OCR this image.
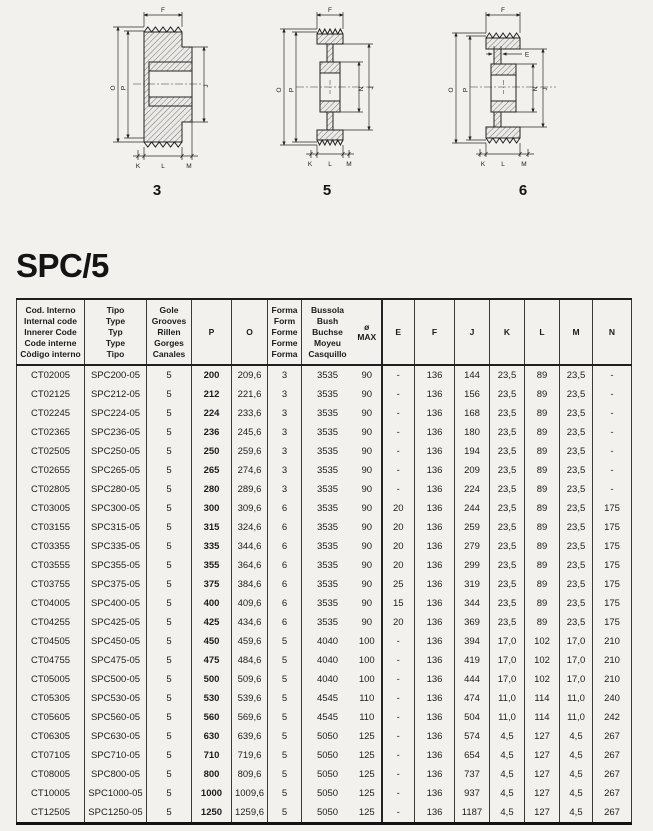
F
O P	J
K	L	M
F
O P	N J
K L M
F
E
O P	N J
K L	M
3	5	6
SPC/5
Cod. Interno
Internal code
Innerer Code
Code interne
Còdigo interno

Tipo
Type
Typ
Type
Tipo

Gole
Grooves
Rillen
Gorges
Canales
	P	O	
Forma
Form
Forme
Forme
Forma

Bussola
Bush
Buchse
Moyeu
Casquillo
ø
MAX
	E	F	J	K	L	M	N
CT02005	SPC200-05	5	200	209,6	3	3535 90	-	136	144	23,5	89	23,5	-
CT02125	SPC212-05	5	212	221,6	3	3535 90	-	136	156	23,5	89	23,5	-
CT02245	SPC224-05	5	224	233,6	3	3535 90	-	136	168	23,5	89	23,5	-
CT02365	SPC236-05	5	236	245,6	3	3535 90	-	136	180	23,5	89	23,5	-
CT02505	SPC250-05	5	250	259,6	3	3535 90	-	136	194	23,5	89	23,5	-
CT02655	SPC265-05	5	265	274,6	3	3535 90	-	136	209	23,5	89	23,5	-
CT02805	SPC280-05	5	280	289,6	3	3535 90	-	136	224	23,5	89	23,5	-
CT03005	SPC300-05	5	300	309,6	6	3535 90	20	136	244	23,5	89	23,5	175
CT03155	SPC315-05	5	315	324,6	6	3535 90	20	136	259	23,5	89	23,5	175
CT03355	SPC335-05	5	335	344,6	6	3535 90	20	136	279	23,5	89	23,5	175
CT03555	SPC355-05	5	355	364,6	6	3535 90	20	136	299	23,5	89	23,5	175
CT03755	SPC375-05	5	375	384,6	6	3535 90	25	136	319	23,5	89	23,5	175
CT04005	SPC400-05	5	400	409,6	6	3535 90	15	136	344	23,5	89	23,5	175
CT04255	SPC425-05	5	425	434,6	6	3535 90	20	136	369	23,5	89	23,5	175
CT04505	SPC450-05	5	450	459,6	5	4040 100	-	136	394	17,0	102	17,0	210
CT04755	SPC475-05	5	475	484,6	5	4040 100	-	136	419	17,0	102	17,0	210
CT05005	SPC500-05	5	500	509,6	5	4040 100	-	136	444	17,0	102	17,0	210
CT05305	SPC530-05	5	530	539,6	5	4545 110	-	136	474	11,0	114	11,0	240
CT05605	SPC560-05	5	560	569,6	5	4545 110	-	136	504	11,0	114	11,0	242
CT06305	SPC630-05	5	630	639,6	5	5050 125	-	136	574	4,5	127	4,5	267
CT07105	SPC710-05	5	710	719,6	5	5050 125	-	136	654	4,5	127	4,5	267
CT08005	SPC800-05	5	800	809,6	5	5050 125	-	136	737	4,5	127	4,5	267
CT10005	SPC1000-05	5	1000	1009,6	5	5050 125	-	136	937	4,5	127	4,5	267
CT12505	SPC1250-05	5	1250	1259,6	5	5050 125	-	136	1187	4,5	127	4,5	267
